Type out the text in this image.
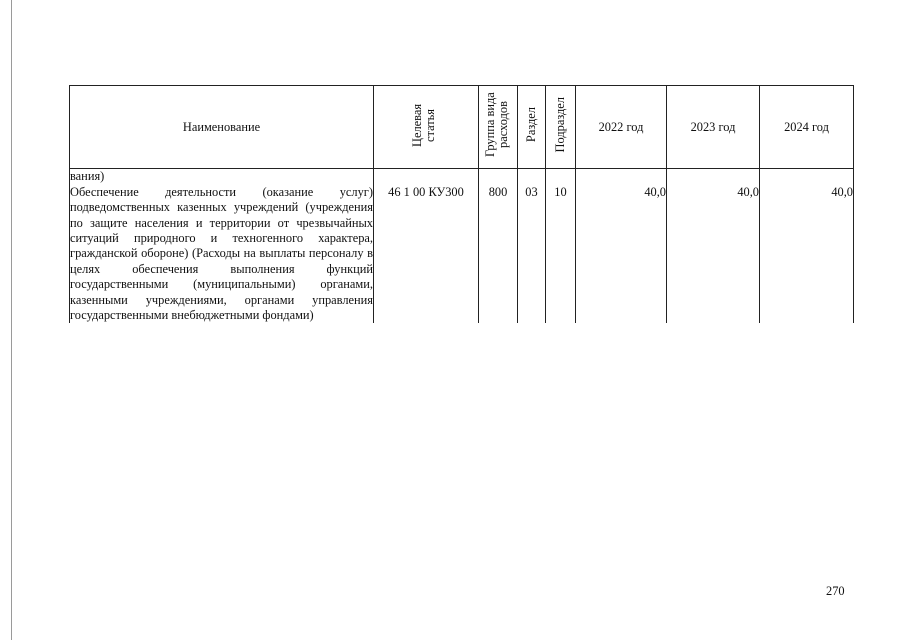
Наименование	Целевая статья	Группа вида расходов	Раздел	Подраздел	2022 год	2023 год	2024 год
вания)							
Обеспечение деятельности (оказание услуг) подведомственных казенных учреждений (учреждения по защите населения и территории от чрезвычайных ситуаций природного и техногенного характера, гражданской обороне) (Расходы на выплаты персоналу в целях обеспечения выполнения функций государственными (муниципальными) органами, казенными учреждениями, органами управления государственными внебюджетными фондами)	46 1 00 КУ300	800	03	10	40,0	40,0	40,0
270
